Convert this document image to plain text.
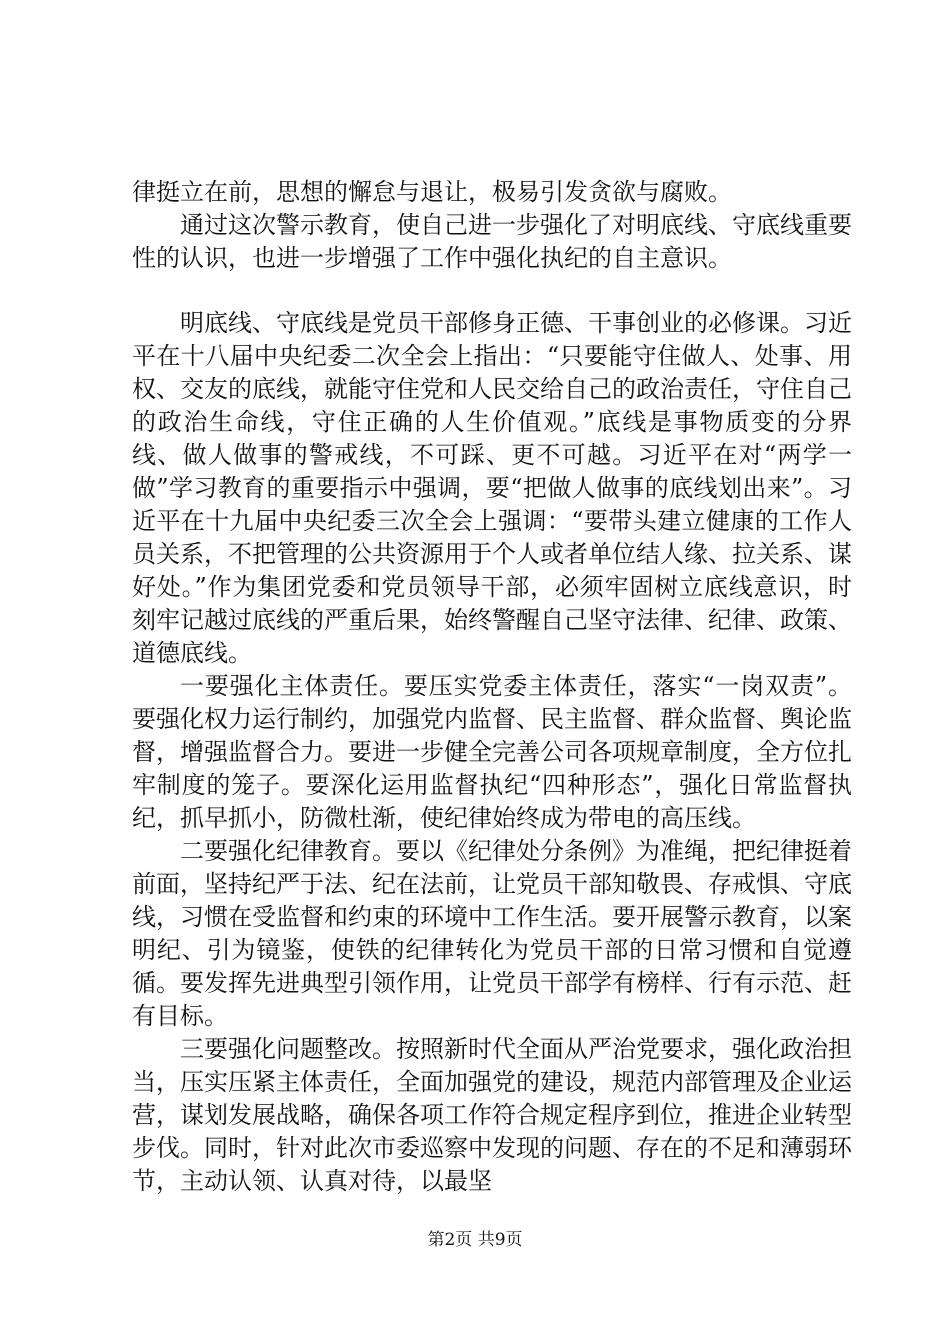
律挺立在前，思想的懈怠与退让，极易引发贪欲与腐败。

通过这次警示教育，使自己进一步强化了对明底线、守底线重要性的认识，也进一步增强了工作中强化执纪的自主意识。

明底线、守底线是党员干部修身正德、干事创业的必修课。习近平在十八届中央纪委二次全会上指出：“只要能守住做人、处事、用权、交友的底线，就能守住党和人民交给自己的政治责任，守住自己的政治生命线，守住正确的人生价值观。”底线是事物质变的分界线、做人做事的警戒线，不可踩、更不可越。习近平在对“两学一做”学习教育的重要指示中强调，要“把做人做事的底线划出来”。习近平在十九届中央纪委三次全会上强调：“要带头建立健康的工作人员关系，不把管理的公共资源用于个人或者单位结人缘、拉关系、谋好处。”作为集团党委和党员领导干部，必须牢固树立底线意识，时刻牢记越过底线的严重后果，始终警醒自己坚守法律、纪律、政策、道德底线。

一要强化主体责任。要压实党委主体责任，落实“一岗双责”。要强化权力运行制约，加强党内监督、民主监督、群众监督、舆论监督，增强监督合力。要进一步健全完善公司各项规章制度，全方位扎牢制度的笼子。要深化运用监督执纪“四种形态”，强化日常监督执纪，抓早抓小，防微杜渐，使纪律始终成为带电的高压线。

二要强化纪律教育。要以《纪律处分条例》为准绳，把纪律挺着前面，坚持纪严于法、纪在法前，让党员干部知敬畏、存戒惧、守底线，习惯在受监督和约束的环境中工作生活。要开展警示教育，以案明纪、引为镜鉴，使铁的纪律转化为党员干部的日常习惯和自觉遵循。要发挥先进典型引领作用，让党员干部学有榜样、行有示范、赶有目标。

三要强化问题整改。按照新时代全面从严治党要求，强化政治担当，压实压紧主体责任，全面加强党的建设，规范内部管理及企业运营，谋划发展战略，确保各项工作符合规定程序到位，推进企业转型步伐。同时，针对此次市委巡察中发现的问题、存在的不足和薄弱环节，主动认领、认真对待，以最坚

第2页 共9页
